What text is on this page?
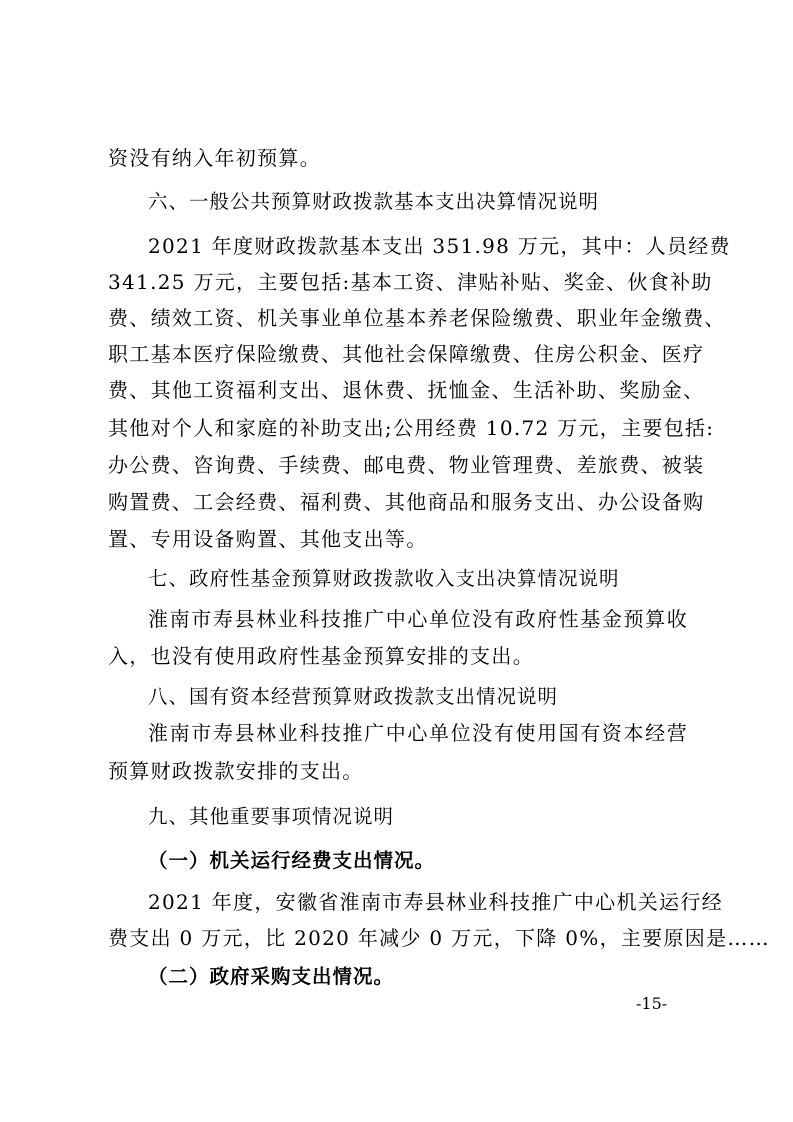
资没有纳入年初预算。
六、一般公共预算财政拨款基本支出决算情况说明
2021 年度财政拨款基本支出 351.98 万元，其中：人员经费
341.25 万元，主要包括:基本工资、津贴补贴、奖金、伙食补助
费、绩效工资、机关事业单位基本养老保险缴费、职业年金缴费、
职工基本医疗保险缴费、其他社会保障缴费、住房公积金、医疗
费、其他工资福利支出、退休费、抚恤金、生活补助、奖励金、
其他对个人和家庭的补助支出;公用经费 10.72 万元，主要包括:
办公费、咨询费、手续费、邮电费、物业管理费、差旅费、被装
购置费、工会经费、福利费、其他商品和服务支出、办公设备购
置、专用设备购置、其他支出等。
七、政府性基金预算财政拨款收入支出决算情况说明
淮南市寿县林业科技推广中心单位没有政府性基金预算收
入，也没有使用政府性基金预算安排的支出。
八、国有资本经营预算财政拨款支出情况说明
淮南市寿县林业科技推广中心单位没有使用国有资本经营
预算财政拨款安排的支出。
九、其他重要事项情况说明
（一）机关运行经费支出情况。
2021 年度，安徽省淮南市寿县林业科技推广中心机关运行经
费支出 0 万元，比 2020 年减少 0 万元，下降 0%，主要原因是……
（二）政府采购支出情况。
-15-
